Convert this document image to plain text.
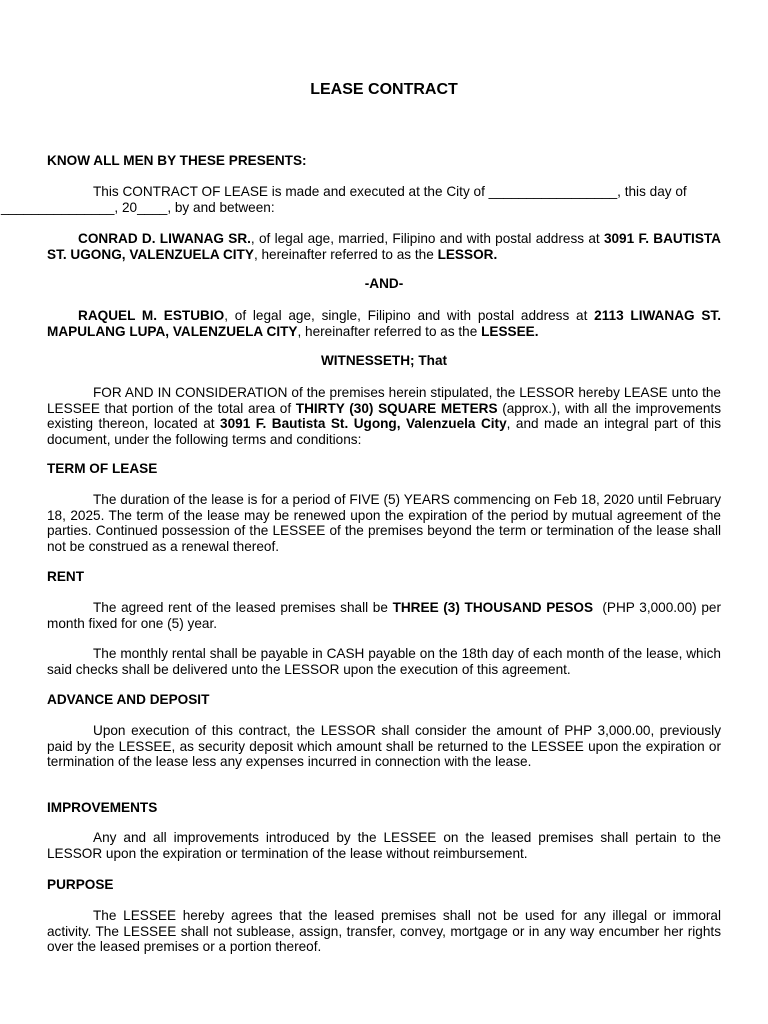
LEASE CONTRACT
KNOW ALL MEN BY THESE PRESENTS:
This CONTRACT OF LEASE is made and executed at the City of _________________, this day of
_______________, 20____, by and between:

CONRAD D. LIWANAG SR., of legal age, married, Filipino and with postal address at 3091 F. BAUTISTA ST. UGONG, VALENZUELA CITY, hereinafter referred to as the LESSOR.

-AND-

RAQUEL M. ESTUBIO, of legal age, single, Filipino and with postal address at 2113 LIWANAG ST. MAPULANG LUPA, VALENZUELA CITY, hereinafter referred to as the LESSEE.

WITNESSETH; That

FOR AND IN CONSIDERATION of the premises herein stipulated, the LESSOR hereby LEASE unto the LESSEE that portion of the total area of THIRTY (30) SQUARE METERS (approx.), with all the improvements existing thereon, located at 3091 F. Bautista St. Ugong, Valenzuela City, and made an integral part of this document, under the following terms and conditions:

TERM OF LEASE

The duration of the lease is for a period of FIVE (5) YEARS commencing on Feb 18, 2020 until February 18, 2025. The term of the lease may be renewed upon the expiration of the period by mutual agreement of the parties. Continued possession of the LESSEE of the premises beyond the term or termination of the lease shall not be construed as a renewal thereof.

RENT

The agreed rent of the leased premises shall be THREE (3) THOUSAND PESOS  (PHP 3,000.00) per month fixed for one (5) year.

The monthly rental shall be payable in CASH payable on the 18th day of each month of the lease, which said checks shall be delivered unto the LESSOR upon the execution of this agreement.

ADVANCE AND DEPOSIT

Upon execution of this contract, the LESSOR shall consider the amount of PHP 3,000.00, previously paid by the LESSEE, as security deposit which amount shall be returned to the LESSEE upon the expiration or termination of the lease less any expenses incurred in connection with the lease.

IMPROVEMENTS

Any and all improvements introduced by the LESSEE on the leased premises shall pertain to the LESSOR upon the expiration or termination of the lease without reimbursement.

PURPOSE

The LESSEE hereby agrees that the leased premises shall not be used for any illegal or immoral activity. The LESSEE shall not sublease, assign, transfer, convey, mortgage or in any way encumber her rights over the leased premises or a portion thereof.
